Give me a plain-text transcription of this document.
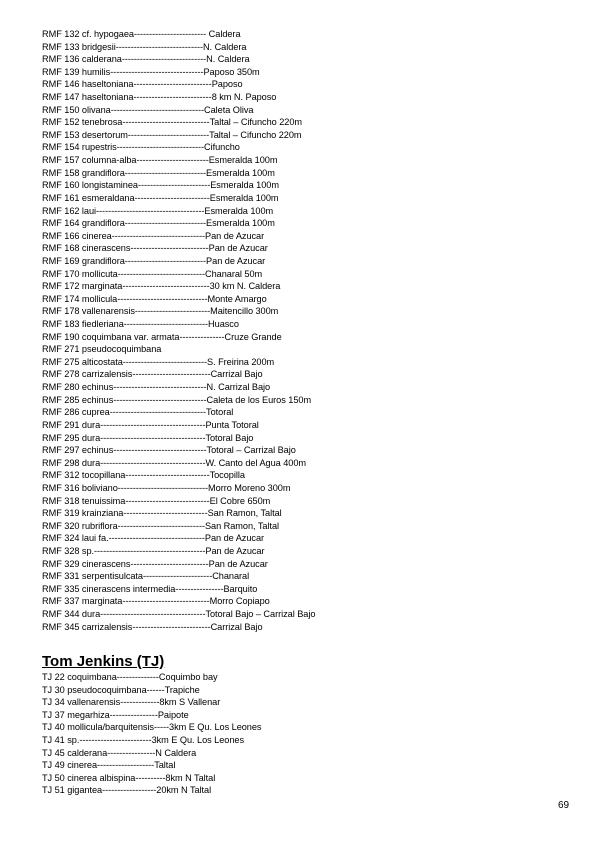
RMF 132 cf. hypogaea------------------------ Caldera
RMF 133 bridgesii-----------------------------N. Caldera
RMF 136 calderana----------------------------N. Caldera
RMF 139 humilis-------------------------------Paposo 350m
RMF 146 haseltoniana--------------------------Paposo
RMF 147 haseltoniana--------------------------8 km N. Paposo
RMF 150 olivana-------------------------------Caleta Oliva
RMF 152 tenebrosa-----------------------------Taltal – Cifuncho 220m
RMF 153 desertorum---------------------------Taltal – Cifuncho 220m
RMF 154 rupestris-----------------------------Cifuncho
RMF 157 columna-alba------------------------Esmeralda 100m
RMF 158 grandiflora---------------------------Esmeralda 100m
RMF 160 longistaminea------------------------Esmeralda 100m
RMF 161 esmeraldana-------------------------Esmeralda 100m
RMF 162 laui------------------------------------Esmeralda 100m
RMF 164 grandiflora---------------------------Esmeralda 100m
RMF 166 cinerea-------------------------------Pan de Azucar
RMF 168 cinerascens--------------------------Pan de Azucar
RMF 169 grandiflora---------------------------Pan de Azucar
RMF 170 mollicuta-----------------------------Chanaral 50m
RMF 172 marginata-----------------------------30 km N. Caldera
RMF 174 mollicula------------------------------Monte Amargo
RMF 178 vallenarensis-------------------------Maitencillo 300m
RMF 183 fiedleriana----------------------------Huasco
RMF 190 coquimbana var. armata---------------Cruze Grande
RMF 271 pseudocoquimbana
RMF 275 alticostata----------------------------S. Freirina 200m
RMF 278 carrizalensis--------------------------Carrizal Bajo
RMF 280 echinus-------------------------------N. Carrizal Bajo
RMF 285 echinus-------------------------------Caleta de los Euros 150m
RMF 286 cuprea--------------------------------Totoral
RMF 291 dura-----------------------------------Punta Totoral
RMF 295 dura-----------------------------------Totoral Bajo
RMF 297 echinus-------------------------------Totoral – Carrizal Bajo
RMF 298 dura-----------------------------------W. Canto del Agua 400m
RMF 312 tocopillana----------------------------Tocopilla
RMF 316 boliviano------------------------------Morro Moreno 300m
RMF 318 tenuissima----------------------------El Cobre 650m
RMF 319 krainziana----------------------------San Ramon, Taltal
RMF 320 rubriflora-----------------------------San Ramon, Taltal
RMF 324 laui fa.--------------------------------Pan de Azucar
RMF 328 sp.-------------------------------------Pan de Azucar
RMF 329 cinerascens--------------------------Pan de Azucar
RMF 331 serpentisulcata-----------------------Chanaral
RMF 335 cinerascens intermedia----------------Barquito
RMF 337 marginata-----------------------------Morro Copiapo
RMF 344 dura-----------------------------------Totoral Bajo – Carrizal Bajo
RMF 345 carrizalensis--------------------------Carrizal Bajo
Tom Jenkins (TJ)
TJ 22 coquimbana--------------Coquimbo bay
TJ 30 pseudocoquimbana------Trapiche
TJ 34 vallenarensis-------------8km S Vallenar
TJ 37 megarhiza----------------Paipote
TJ 40 mollicula/barquitensis-----3km E Qu. Los Leones
TJ 41 sp.------------------------3km E Qu. Los Leones
TJ 45 calderana----------------N Caldera
TJ 49 cinerea-------------------Taltal
TJ 50 cinerea albispina----------8km N Taltal
TJ 51 gigantea------------------20km N Taltal
69
